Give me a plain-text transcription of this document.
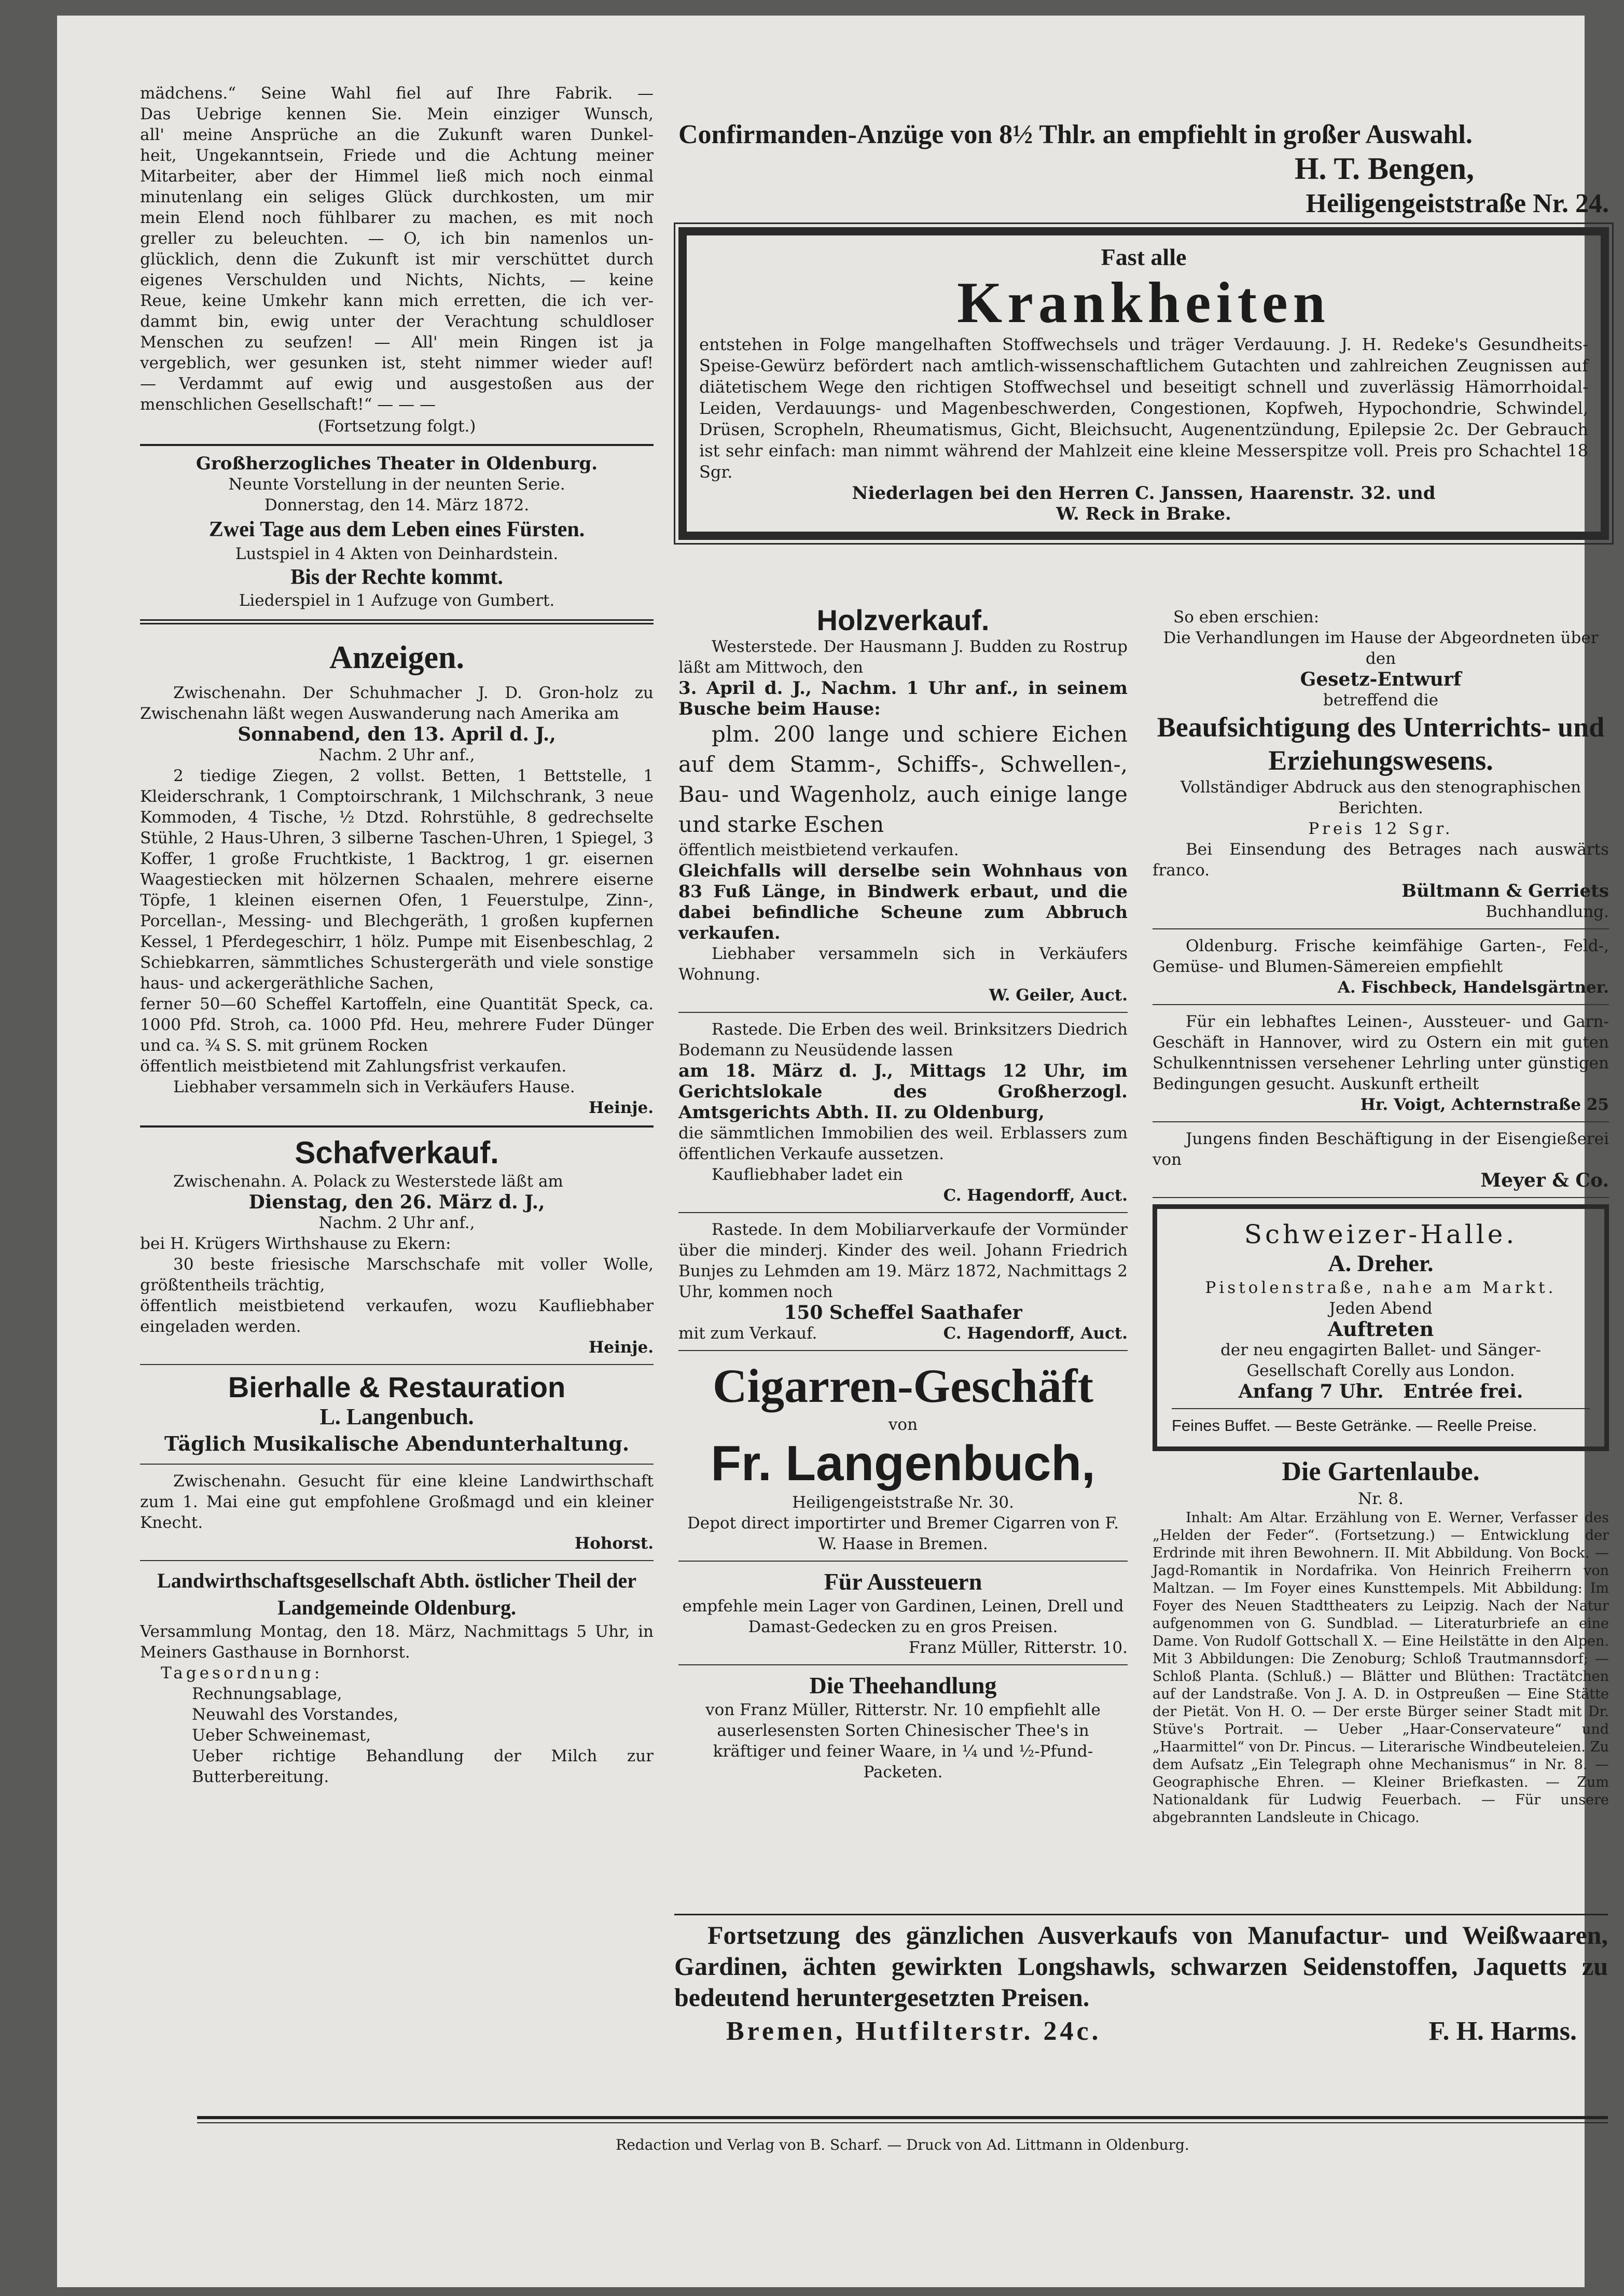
mädchens.“ Seine Wahl fiel auf Ihre Fabrik. —

Das Uebrige kennen Sie. Mein einziger Wunsch,

all' meine Ansprüche an die Zukunft waren Dunkel-

heit, Ungekanntsein, Friede und die Achtung meiner

Mitarbeiter, aber der Himmel ließ mich noch einmal

minutenlang ein seliges Glück durchkosten, um mir

mein Elend noch fühlbarer zu machen, es mit noch

greller zu beleuchten. — O, ich bin namenlos un-

glücklich, denn die Zukunft ist mir verschüttet durch

eigenes Verschulden und Nichts, Nichts, — keine

Reue, keine Umkehr kann mich erretten, die ich ver-

dammt bin, ewig unter der Verachtung schuldloser

Menschen zu seufzen! — All' mein Ringen ist ja

vergeblich, wer gesunken ist, steht nimmer wieder auf!

— Verdammt auf ewig und ausgestoßen aus der

menschlichen Gesellschaft!“ — — —

(Fortsetzung folgt.)

Großherzogliches Theater in Oldenburg.

Neunte Vorstellung in der neunten Serie.

Donnerstag, den 14. März 1872.

Zwei Tage aus dem Leben eines Fürsten.

Lustspiel in 4 Akten von Deinhardstein.

Bis der Rechte kommt.

Liederspiel in 1 Aufzuge von Gumbert.

Anzeigen.

Zwischenahn. Der Schuhmacher J. D. Gron-holz zu Zwischenahn läßt wegen Auswanderung nach Amerika am

Sonnabend, den 13. April d. J.,

Nachm. 2 Uhr anf.,

2 tiedige Ziegen, 2 vollst. Betten, 1 Bettstelle, 1 Kleiderschrank, 1 Comptoirschrank, 1 Milchschrank, 3 neue Kommoden, 4 Tische, ½ Dtzd. Rohrstühle, 8 gedrechselte Stühle, 2 Haus-Uhren, 3 silberne Taschen-Uhren, 1 Spiegel, 3 Koffer, 1 große Fruchtkiste, 1 Backtrog, 1 gr. eisernen Waagestiecken mit hölzernen Schaalen, mehrere eiserne Töpfe, 1 kleinen eisernen Ofen, 1 Feuerstulpe, Zinn-, Porcellan-, Messing- und Blechgeräth, 1 großen kupfernen Kessel, 1 Pferdegeschirr, 1 hölz. Pumpe mit Eisenbeschlag, 2 Schiebkarren, sämmtliches Schustergeräth und viele sonstige haus- und ackergeräthliche Sachen,

ferner 50—60 Scheffel Kartoffeln, eine Quantität Speck, ca. 1000 Pfd. Stroh, ca. 1000 Pfd. Heu, mehrere Fuder Dünger und ca. ¾ S. S. mit grünem Rocken

öffentlich meistbietend mit Zahlungsfrist verkaufen.

Liebhaber versammeln sich in Verkäufers Hause.

Heinje.

Schafverkauf.

Zwischenahn. A. Polack zu Westerstede läßt am

Dienstag, den 26. März d. J.,

Nachm. 2 Uhr anf.,

bei H. Krügers Wirthshause zu Ekern:

30 beste friesische Marschschafe mit voller Wolle, größtentheils trächtig,

öffentlich meistbietend verkaufen, wozu Kaufliebhaber eingeladen werden.

Heinje.

Bierhalle & Restauration

L. Langenbuch.

Täglich Musikalische Abendunterhaltung.

Zwischenahn. Gesucht für eine kleine Landwirthschaft zum 1. Mai eine gut empfohlene Großmagd und ein kleiner Knecht.

Hohorst.

Landwirthschaftsgesellschaft Abth. östlicher Theil der Landgemeinde Oldenburg.

Versammlung Montag, den 18. März, Nachmittags 5 Uhr, in Meiners Gasthause in Bornhorst.

Tagesordnung:

Rechnungsablage,

Neuwahl des Vorstandes,

Ueber Schweinemast,

Ueber richtige Behandlung der Milch zur Butterbereitung.

Confirmanden-Anzüge von 8½ Thlr. an empfiehlt in großer Auswahl.

H. T. Bengen,

Heiligengeiststraße Nr. 24.

Fast alle

Krankheiten

entstehen in Folge mangelhaften Stoffwechsels und träger Verdauung. J. H. Redeke's Gesundheits-Speise-Gewürz befördert nach amtlich-wissenschaftlichem Gutachten und zahlreichen Zeugnissen auf diätetischem Wege den richtigen Stoffwechsel und beseitigt schnell und zuverlässig Hämorrhoidal-Leiden, Verdauungs- und Magenbeschwerden, Congestionen, Kopfweh, Hypochondrie, Schwindel, Drüsen, Scropheln, Rheumatismus, Gicht, Bleichsucht, Augenentzündung, Epilepsie 2c. Der Gebrauch ist sehr einfach: man nimmt während der Mahlzeit eine kleine Messerspitze voll. Preis pro Schachtel 18 Sgr.

Niederlagen bei den Herren C. Janssen, Haarenstr. 32. und

W. Reck in Brake.

Holzverkauf.

Westerstede. Der Hausmann J. Budden zu Rostrup läßt am Mittwoch, den

3. April d. J., Nachm. 1 Uhr anf., in seinem Busche beim Hause:

plm. 200 lange und schiere Eichen auf dem Stamm-, Schiffs-, Schwellen-, Bau- und Wagenholz, auch einige lange und starke Eschen

öffentlich meistbietend verkaufen.

Gleichfalls will derselbe sein Wohnhaus von 83 Fuß Länge, in Bindwerk erbaut, und die dabei befindliche Scheune zum Abbruch verkaufen.

Liebhaber versammeln sich in Verkäufers Wohnung.

W. Geiler, Auct.

Rastede. Die Erben des weil. Brinksitzers Diedrich Bodemann zu Neusüdende lassen

am 18. März d. J., Mittags 12 Uhr, im Gerichtslokale des Großherzogl. Amtsgerichts Abth. II. zu Oldenburg,

die sämmtlichen Immobilien des weil. Erblassers zum öffentlichen Verkaufe aussetzen.

Kaufliebhaber ladet ein

C. Hagendorff, Auct.

Rastede. In dem Mobiliarverkaufe der Vormünder über die minderj. Kinder des weil. Johann Friedrich Bunjes zu Lehmden am 19. März 1872, Nachmittags 2 Uhr, kommen noch

150 Scheffel Saathafer

mit zum Verkauf.	C. Hagendorff, Auct.

Cigarren-Geschäft

von

Fr. Langenbuch,

Heiligengeiststraße Nr. 30.

Depot direct importirter und Bremer Cigarren von F. W. Haase in Bremen.

Für Aussteuern

empfehle mein Lager von Gardinen, Leinen, Drell und Damast-Gedecken zu en gros Preisen.

Franz Müller, Ritterstr. 10.

Die Theehandlung

von Franz Müller, Ritterstr. Nr. 10 empfiehlt alle auserlesensten Sorten Chinesischer Thee's in kräftiger und feiner Waare, in ¼ und ½-Pfund-Packeten.

So eben erschien:

Die Verhandlungen im Hause der Abgeordneten über den

Gesetz-Entwurf

betreffend die

Beaufsichtigung des Unterrichts- und Erziehungswesens.

Vollständiger Abdruck aus den stenographischen Berichten.

Preis 12 Sgr.

Bei Einsendung des Betrages nach auswärts franco.

Bültmann & Gerriets

Buchhandlung.

Oldenburg. Frische keimfähige Garten-, Feld-, Gemüse- und Blumen-Sämereien empfiehlt

A. Fischbeck, Handelsgärtner.

Für ein lebhaftes Leinen-, Aussteuer- und Garn-Geschäft in Hannover, wird zu Ostern ein mit guten Schulkenntnissen versehener Lehrling unter günstigen Bedingungen gesucht. Auskunft ertheilt

Hr. Voigt, Achternstraße 25

Jungens finden Beschäftigung in der Eisengießerei von

Meyer & Co.

Schweizer-Halle.

A. Dreher.

Pistolenstraße, nahe am Markt.

Jeden Abend

Auftreten

der neu engagirten Ballet- und Sänger-Gesellschaft Corelly aus London.

Anfang 7 Uhr.   Entrée frei.

Feines Buffet. — Beste Getränke. — Reelle Preise.

Die Gartenlaube.

Nr. 8.

Inhalt: Am Altar. Erzählung von E. Werner, Verfasser des „Helden der Feder“. (Fortsetzung.) — Entwicklung der Erdrinde mit ihren Bewohnern. II. Mit Abbildung. Von Bock. — Jagd-Romantik in Nordafrika. Von Heinrich Freiherrn von Maltzan. — Im Foyer eines Kunsttempels. Mit Abbildung: Im Foyer des Neuen Stadttheaters zu Leipzig. Nach der Natur aufgenommen von G. Sundblad. — Literaturbriefe an eine Dame. Von Rudolf Gottschall X. — Eine Heilstätte in den Alpen. Mit 3 Abbildungen: Die Zenoburg; Schloß Trautmannsdorf; — Schloß Planta. (Schluß.) — Blätter und Blüthen: Tractätchen auf der Landstraße. Von J. A. D. in Ostpreußen — Eine Stätte der Pietät. Von H. O. — Der erste Bürger seiner Stadt mit Dr. Stüve's Portrait. — Ueber „Haar-Conservateure“ und „Haarmittel“ von Dr. Pincus. — Literarische Windbeuteleien. Zu dem Aufsatz „Ein Telegraph ohne Mechanismus“ in Nr. 8. — Geographische Ehren. — Kleiner Briefkasten. — Zum Nationaldank für Ludwig Feuerbach. — Für unsere abgebrannten Landsleute in Chicago.

Fortsetzung des gänzlichen Ausverkaufs von Manufactur- und Weißwaaren, Gardinen, ächten gewirkten Longshawls, schwarzen Seidenstoffen, Jaquetts zu bedeutend heruntergesetzten Preisen.

Bremen, Hutfilterstr. 24c.	F. H. Harms.

Redaction und Verlag von B. Scharf. — Druck von Ad. Littmann in Oldenburg.
